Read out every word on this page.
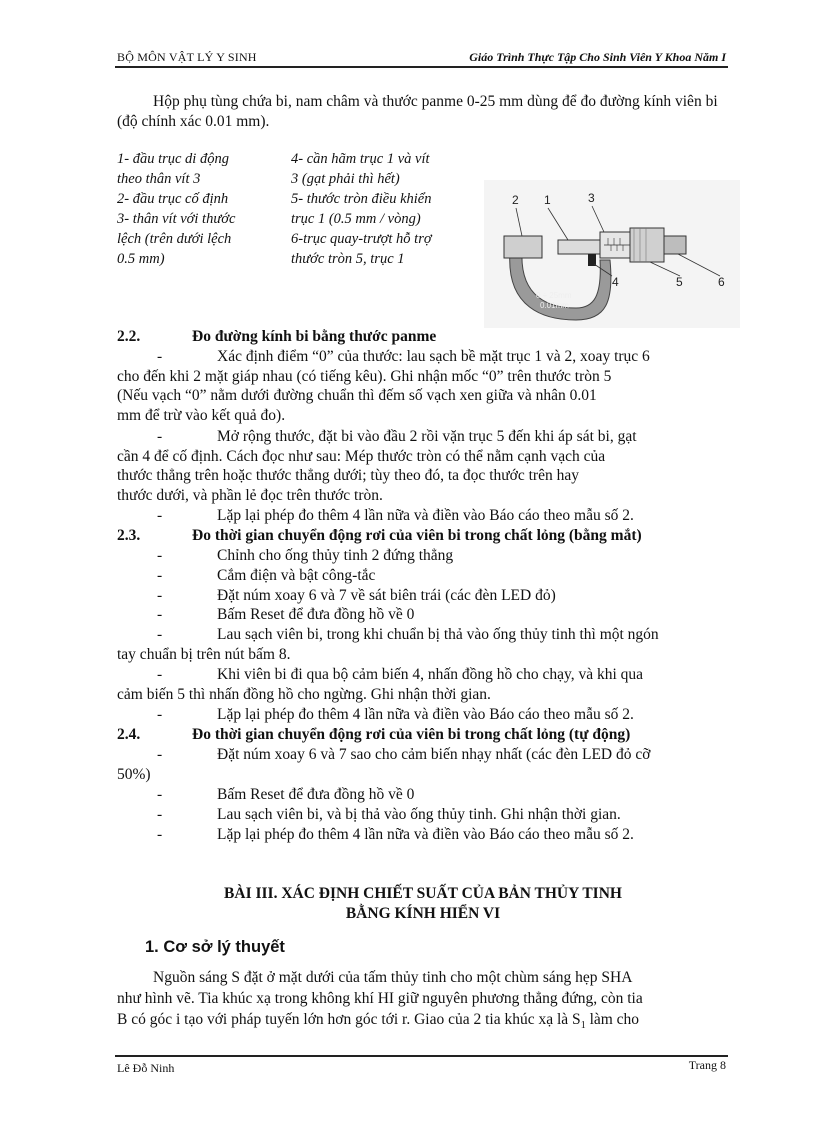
BỘ MÔN VẬT LÝ Y SINH	Giáo Trình Thực Tập Cho Sinh Viên Y Khoa Năm I
Hộp phụ tùng chứa bi, nam châm và thước panme 0-25 mm dùng để đo đường kính viên bi (độ chính xác 0.01 mm).
1- đầu trục di động
theo thân vít 3
2- đầu trục cố định
3- thân vít với thước
lệch (trên dưới lệch
0.5 mm)
4- cần hãm trục 1 và vít
3 (gạt phải thì hết)
5- thước tròn điều khiển
trục 1 (0.5 mm / vòng)
6-trục quay-trượt hỗ trợ
thước tròn 5, trục 1
2 1	3
4	5	6
0 ÷ 25mm
0.01mm
2.2.	Đo đường kính bi bằng thước panme
-	Xác định điểm “0” của thước: lau sạch bề mặt trục 1 và 2, xoay trục 6
cho đến khi 2 mặt giáp nhau (có tiếng kêu). Ghi nhận mốc “0” trên thước tròn 5
(Nếu vạch “0” nằm dưới đường chuẩn thì đếm số vạch xen giữa và nhân 0.01
mm để trừ vào kết quả đo).
-	Mở rộng thước, đặt bi vào đầu 2 rồi vặn trục 5 đến khi áp sát bi, gạt
cần 4 để cố định. Cách đọc như sau: Mép thước tròn có thể nằm cạnh vạch của
thước thẳng trên hoặc thước thẳng dưới; tùy theo đó, ta đọc thước trên hay
thước dưới, và phần lẻ đọc trên thước tròn.
-	Lặp lại phép đo thêm 4 lần nữa và điền vào Báo cáo theo mẫu số 2.
2.3.	Đo thời gian chuyển động rơi của viên bi trong chất lỏng (bằng mắt)
-	Chỉnh cho ống thủy tinh 2 đứng thẳng
-	Cắm điện và bật công-tắc
-	Đặt núm xoay 6 và 7 về sát biên trái (các đèn LED đỏ)
-	Bấm Reset để đưa đồng hồ về 0
-	Lau sạch viên bi, trong khi chuẩn bị thả vào ống thủy tinh thì một ngón
tay chuẩn bị trên nút bấm 8.
-	Khi viên bi đi qua bộ cảm biến 4, nhấn đồng hồ cho chạy, và khi qua
cảm biến 5 thì nhấn đồng hồ cho ngừng. Ghi nhận thời gian.
-	Lặp lại phép đo thêm 4 lần nữa và điền vào Báo cáo theo mẫu số 2.
2.4.	Đo thời gian chuyển động rơi của viên bi trong chất lỏng (tự động)
-	Đặt núm xoay 6 và 7 sao cho cảm biến nhạy nhất (các đèn LED đỏ cỡ
50%)
-	Bấm Reset để đưa đồng hồ về 0
-	Lau sạch viên bi, và bị thả vào ống thủy tinh. Ghi nhận thời gian.
-	Lặp lại phép đo thêm 4 lần nữa và điền vào Báo cáo theo mẫu số 2.
BÀI III. XÁC ĐỊNH CHIẾT SUẤT CỦA BẢN THỦY TINH
BẰNG KÍNH HIỂN VI
1. Cơ sở lý thuyết
Nguồn sáng S đặt ở mặt dưới của tấm thủy tinh cho một chùm sáng hẹp SHA
như hình vẽ. Tia khúc xạ trong không khí HI giữ nguyên phương thẳng đứng, còn tia
B có góc i tạo với pháp tuyến lớn hơn góc tới r. Giao của 2 tia khúc xạ là $S_1$ làm cho
Lê Đỗ Ninh	Trang 8
